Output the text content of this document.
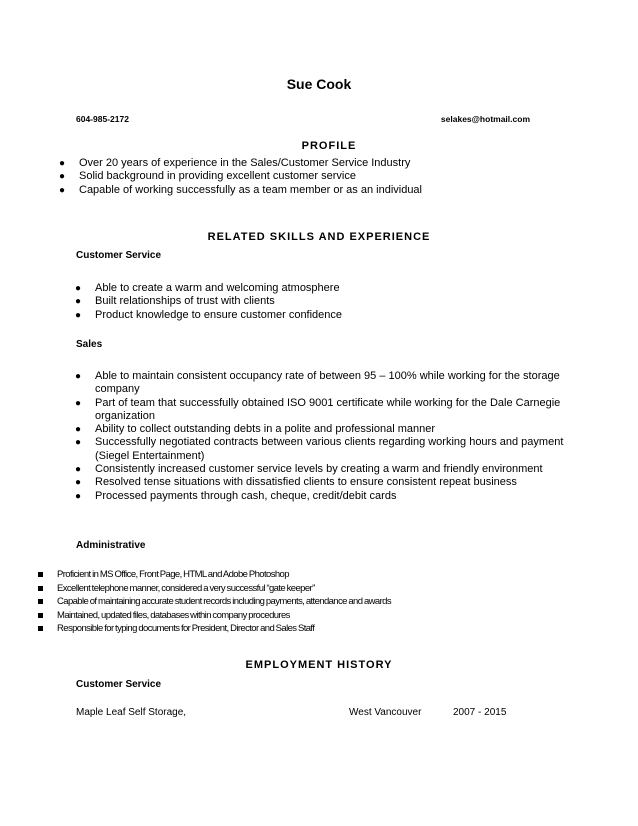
Sue Cook
604-985-2172	selakes@hotmail.com
PROFILE
● Over 20 years of experience in the Sales/Customer Service Industry
● Solid background in providing excellent customer service
● Capable of working successfully as a team member or as an individual
RELATED SKILLS AND EXPERIENCE
Customer Service
● Able to create a warm and welcoming atmosphere
● Built relationships of trust with clients
● Product knowledge to ensure customer confidence
Sales
● Able to maintain consistent occupancy rate of between 95 – 100% while working for the storage company
● Part of team that successfully obtained ISO 9001 certificate while working for the Dale Carnegie organization
● Ability to collect outstanding debts in a polite and professional manner
● Successfully negotiated contracts between various clients regarding working hours and payment (Siegel Entertainment)
● Consistently increased customer service levels by creating a warm and friendly environment
● Resolved tense situations with dissatisfied clients to ensure consistent repeat business
● Processed payments through cash, cheque, credit/debit cards
Administrative
Proficient in MS Office, Front Page, HTML and Adobe Photoshop
Excellent telephone manner, considered a very successful “gate keeper”
Capable of maintaining accurate student records including payments, attendance and awards
Maintained, updated files, databases within company procedures
Responsible for typing documents for President, Director and Sales Staff
EMPLOYMENT HISTORY
Customer Service
Maple Leaf Self Storage,	West Vancouver	2007 - 2015
